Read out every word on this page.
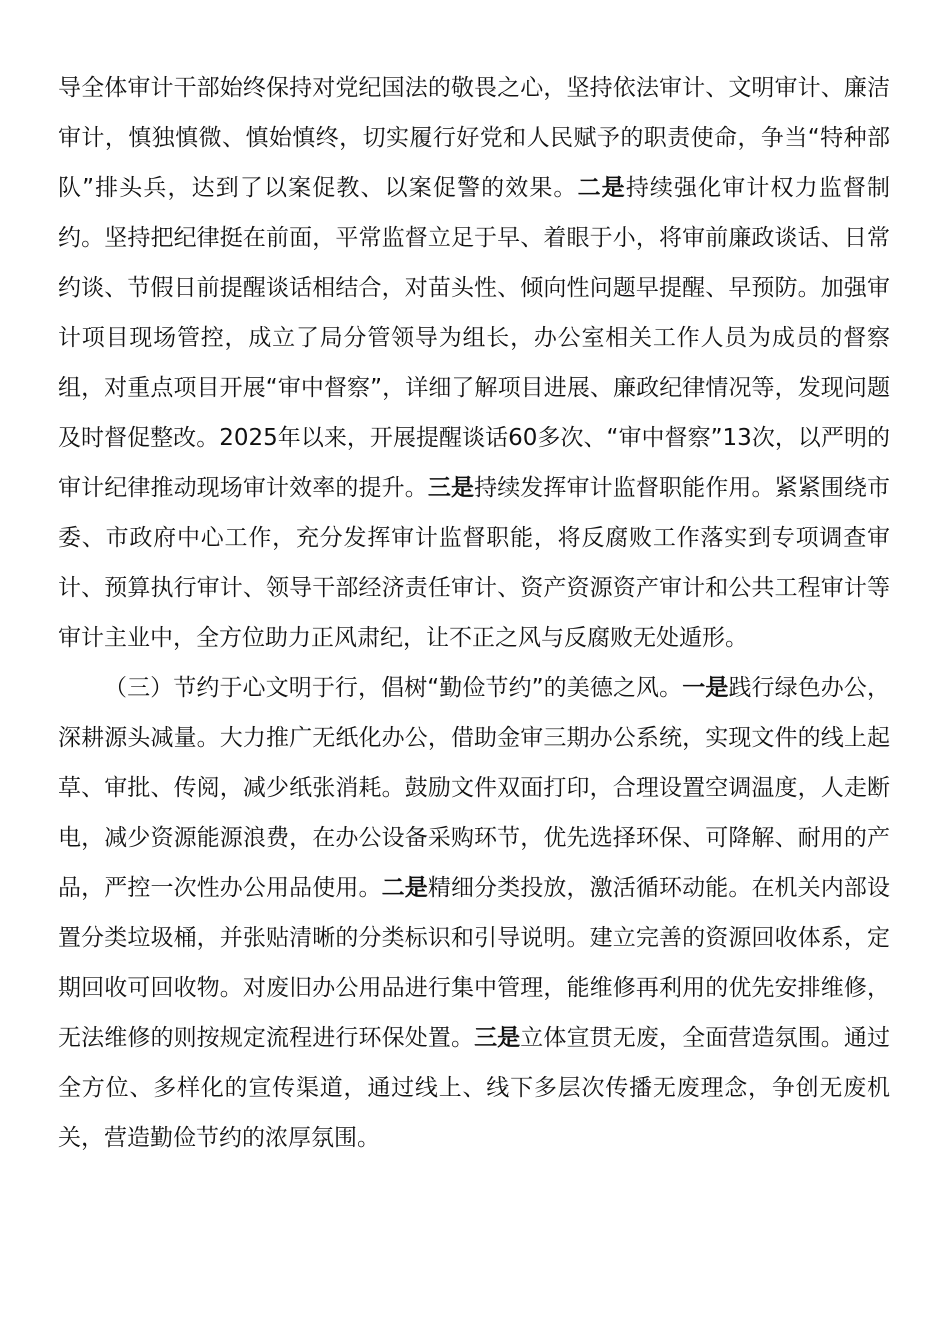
导全体审计干部始终保持对党纪国法的敬畏之心，坚持依法审计、文明审计、廉洁审计，慎独慎微、慎始慎终，切实履行好党和人民赋予的职责使命，争当“特种部队”排头兵，达到了以案促教、以案促警的效果。二是持续强化审计权力监督制约。坚持把纪律挺在前面，平常监督立足于早、着眼于小，将审前廉政谈话、日常约谈、节假日前提醒谈话相结合，对苗头性、倾向性问题早提醒、早预防。加强审计项目现场管控，成立了局分管领导为组长，办公室相关工作人员为成员的督察组，对重点项目开展“审中督察”，详细了解项目进展、廉政纪律情况等，发现问题及时督促整改。2025年以来，开展提醒谈话60多次、“审中督察”13次，以严明的审计纪律推动现场审计效率的提升。三是持续发挥审计监督职能作用。紧紧围绕市委、市政府中心工作，充分发挥审计监督职能，将反腐败工作落实到专项调查审计、预算执行审计、领导干部经济责任审计、资产资源资产审计和公共工程审计等审计主业中，全方位助力正风肃纪，让不正之风与反腐败无处遁形。

（三）节约于心文明于行，倡树“勤俭节约”的美德之风。一是践行绿色办公，深耕源头减量。大力推广无纸化办公，借助金审三期办公系统，实现文件的线上起草、审批、传阅，减少纸张消耗。鼓励文件双面打印，合理设置空调温度，人走断电，减少资源能源浪费，在办公设备采购环节，优先选择环保、可降解、耐用的产品，严控一次性办公用品使用。二是精细分类投放，激活循环动能。在机关内部设置分类垃圾桶，并张贴清晰的分类标识和引导说明。建立完善的资源回收体系，定期回收可回收物。对废旧办公用品进行集中管理，能维修再利用的优先安排维修，无法维修的则按规定流程进行环保处置。三是立体宣贯无废，全面营造氛围。通过全方位、多样化的宣传渠道，通过线上、线下多层次传播无废理念，争创无废机关，营造勤俭节约的浓厚氛围。
